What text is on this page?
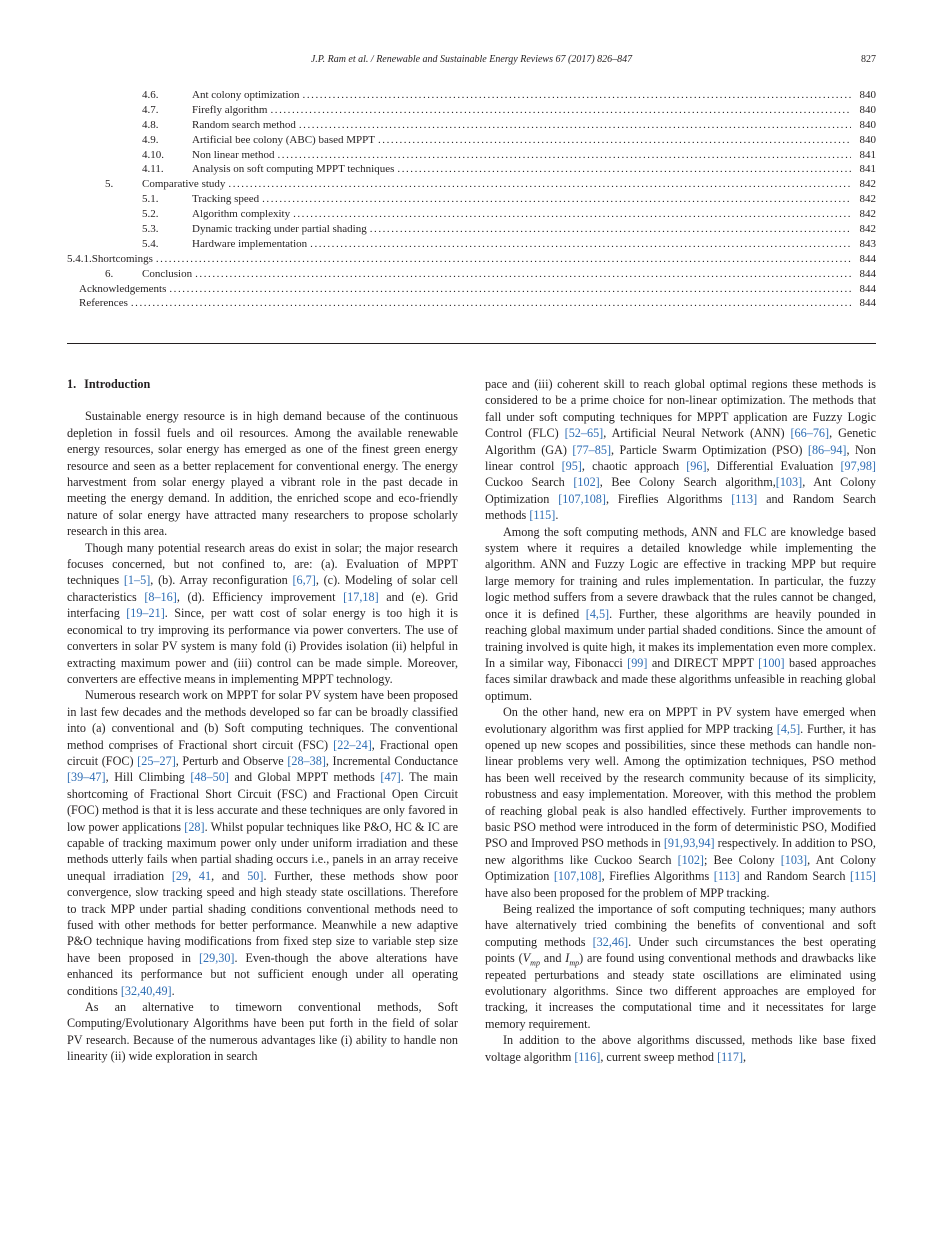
J.P. Ram et al. / Renewable and Sustainable Energy Reviews 67 (2017) 826–847	827
4.6.	Ant colony optimization . . .	840
4.7.	Firefly algorithm . . .	840
4.8.	Random search method . . .	840
4.9.	Artificial bee colony (ABC) based MPPT . . .	840
4.10.	Non linear method . . .	841
4.11.	Analysis on soft computing MPPT techniques . . .	841
5.	Comparative study . . .	842
5.1.	Tracking speed . . .	842
5.2.	Algorithm complexity . . .	842
5.3.	Dynamic tracking under partial shading . . .	842
5.4.	Hardware implementation . . .	843
5.4.1. Shortcomings . . .	844
6.	Conclusion . . .	844
Acknowledgements . . .	844
References . . .	844
1. Introduction

Sustainable energy resource is in high demand because of the continuous depletion in fossil fuels and oil resources. Among the available renewable energy resources, solar energy has emerged as one of the finest green energy resource and seen as a better replacement for conventional energy. The energy harvestment from solar energy played a vibrant role in the past decade in meeting the energy demand. In addition, the enriched scope and eco-friendly nature of solar energy have attracted many researchers to propose scholarly research in this area.

Though many potential research areas do exist in solar; the major research focuses concerned, but not confined to, are: (a). Evaluation of MPPT techniques [1–5], (b). Array reconfiguration [6,7], (c). Modeling of solar cell characteristics [8–16], (d). Efficiency improvement [17,18] and (e). Grid interfacing [19–21]. Since, per watt cost of solar energy is too high it is economical to try improving its performance via power converters. The use of converters in solar PV system is many fold (i) Provides isolation (ii) helpful in extracting maximum power and (iii) control can be made simple. Moreover, converters are effective means in implementing MPPT technology.

Numerous research work on MPPT for solar PV system have been proposed in last few decades and the methods developed so far can be broadly classified into (a) conventional and (b) Soft computing techniques. The conventional method comprises of Fractional short circuit (FSC) [22–24], Fractional open circuit (FOC) [25–27], Perturb and Observe [28–38], Incremental Conductance [39–47], Hill Climbing [48–50] and Global MPPT methods [47]. The main shortcoming of Fractional Short Circuit (FSC) and Fractional Open Circuit (FOC) method is that it is less accurate and these techniques are only favored in low power applications [28]. Whilst popular techniques like P&O, HC & IC are capable of tracking maximum power only under uniform irradiation and these methods utterly fails when partial shading occurs i.e., panels in an array receive unequal irradiation [29, 41, and 50]. Further, these methods show poor convergence, slow tracking speed and high steady state oscillations. Therefore to track MPP under partial shading conditions conventional methods need to fused with other methods for better performance. Meanwhile a new adaptive P&O technique having modifications from fixed step size to variable step size have been proposed in [29,30]. Even-though the above alterations have enhanced its performance but not sufficient enough under all operating conditions [32,40,49].

As an alternative to timeworn conventional methods, Soft Computing/Evolutionary Algorithms have been put forth in the field of solar PV research. Because of the numerous advantages like (i) ability to handle non linearity (ii) wide exploration in search

pace and (iii) coherent skill to reach global optimal regions these methods is considered to be a prime choice for non-linear optimization. The methods that fall under soft computing techniques for MPPT application are Fuzzy Logic Control (FLC) [52–65], Artificial Neural Network (ANN) [66–76], Genetic Algorithm (GA) [77–85], Particle Swarm Optimization (PSO) [86–94], Non linear control [95], chaotic approach [96], Differential Evaluation [97,98] Cuckoo Search [102], Bee Colony Search algorithm,[103], Ant Colony Optimization [107,108], Fireflies Algorithms [113] and Random Search methods [115].

Among the soft computing methods, ANN and FLC are knowledge based system where it requires a detailed knowledge while implementing the algorithm. ANN and Fuzzy Logic are effective in tracking MPP but require large memory for training and rules implementation. In particular, the fuzzy logic method suffers from a severe drawback that the rules cannot be changed, once it is defined [4,5]. Further, these algorithms are heavily pounded in reaching global maximum under partial shaded conditions. Since the amount of training involved is quite high, it makes its implementation even more complex. In a similar way, Fibonacci [99] and DIRECT MPPT [100] based approaches faces similar drawback and made these algorithms unfeasible in reaching global optimum.

On the other hand, new era on MPPT in PV system have emerged when evolutionary algorithm was first applied for MPP tracking [4,5]. Further, it has opened up new scopes and possibilities, since these methods can handle non-linear problems very well. Among the optimization techniques, PSO method has been well received by the research community because of its simplicity, robustness and easy implementation. Moreover, with this method the problem of reaching global peak is also handled effectively. Further improvements to basic PSO method were introduced in the form of deterministic PSO, Modified PSO and Improved PSO methods in [91,93,94] respectively. In addition to PSO, new algorithms like Cuckoo Search [102]; Bee Colony [103], Ant Colony Optimization [107,108], Fireflies Algorithms [113] and Random Search [115] have also been proposed for the problem of MPP tracking.

Being realized the importance of soft computing techniques; many authors have alternatively tried combining the benefits of conventional and soft computing methods [32,46]. Under such circumstances the best operating points ($V_{mp}$ and $I_{mp}$) are found using conventional methods and drawbacks like repeated perturbations and steady state oscillations are eliminated using evolutionary algorithms. Since two different approaches are employed for tracking, it increases the computational time and it necessitates for large memory requirement.

In addition to the above algorithms discussed, methods like base fixed voltage algorithm [116], current sweep method [117],
